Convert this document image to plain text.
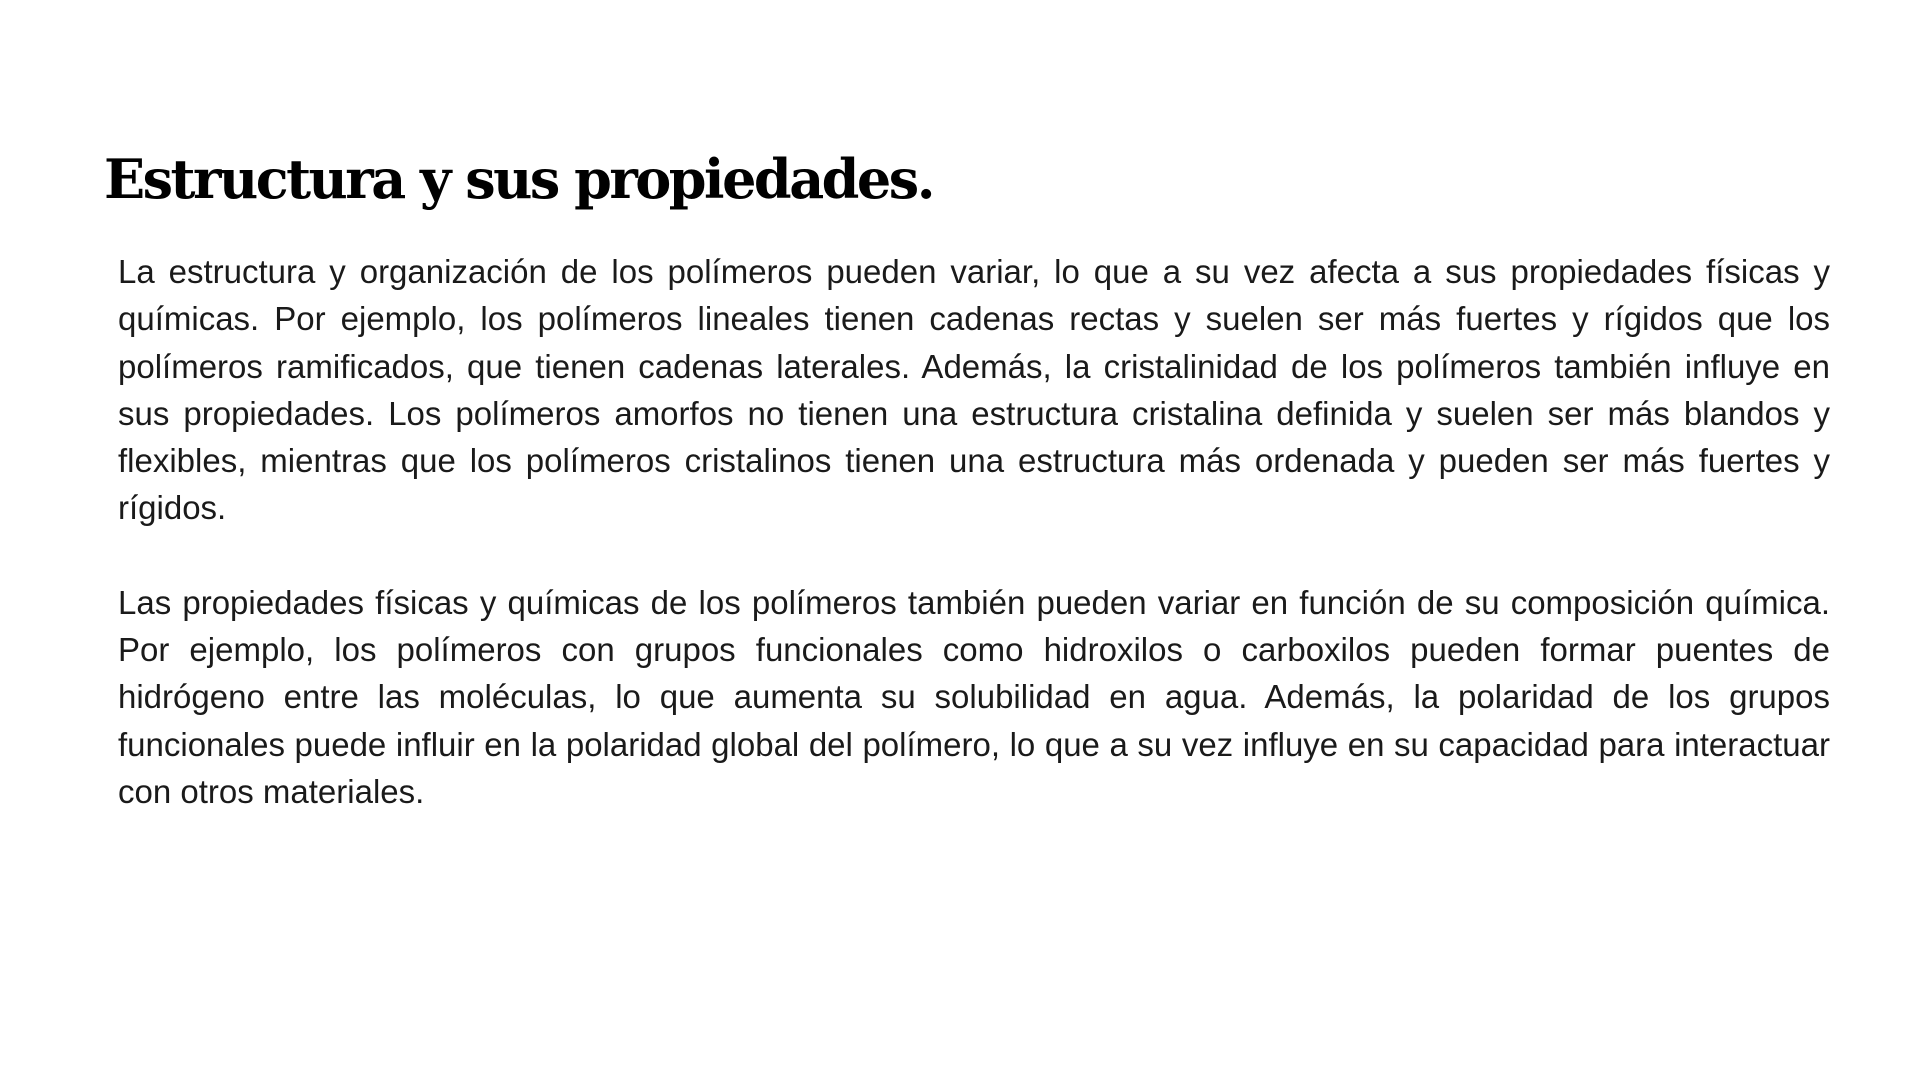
Estructura y sus propiedades.

La estructura y organización de los polímeros pueden variar, lo que a su vez afecta a sus propiedades físicas y químicas. Por ejemplo, los polímeros lineales tienen cadenas rectas y suelen ser más fuertes y rígidos que los polímeros ramificados, que tienen cadenas laterales. Además, la cristalinidad de los polímeros también influye en sus propiedades. Los polímeros amorfos no tienen una estructura cristalina definida y suelen ser más blandos y flexibles, mientras que los polímeros cristalinos tienen una estructura más ordenada y pueden ser más fuertes y rígidos.

Las propiedades físicas y químicas de los polímeros también pueden variar en función de su composición química. Por ejemplo, los polímeros con grupos funcionales como hidroxilos o carboxilos pueden formar puentes de hidrógeno entre las moléculas, lo que aumenta su solubilidad en agua. Además, la polaridad de los grupos funcionales puede influir en la polaridad global del polímero, lo que a su vez influye en su capacidad para interactuar con otros materiales.
